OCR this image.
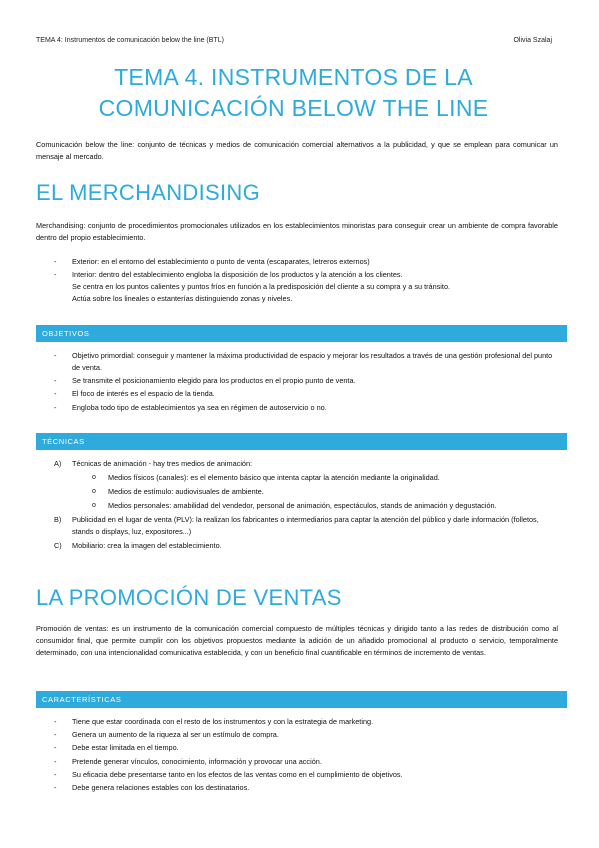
TEMA 4: Instrumentos de comunicación below the line (BTL)	Olivia Szalaj
TEMA 4. INSTRUMENTOS DE LA
COMUNICACIÓN BELOW THE LINE
Comunicación below the line: conjunto de técnicas y medios de comunicación comercial alternativos a la publicidad, y que se emplean para comunicar un mensaje al mercado.
EL MERCHANDISING
Merchandising: conjunto de procedimientos promocionales utilizados en los establecimientos minoristas para conseguir crear un ambiente de compra favorable dentro del propio establecimiento.
- Exterior: en el entorno del establecimiento o punto de venta (escaparates, letreros externos)
- Interior: dentro del establecimiento engloba la disposición de los productos y la atención a los clientes.
Se centra en los puntos calientes y puntos fríos en función a la predisposición del cliente a su compra y a su tránsito.
Actúa sobre los lineales o estanterías distinguiendo zonas y niveles.
OBJETIVOS
- Objetivo primordial: conseguir y mantener la máxima productividad de espacio y mejorar los resultados a través de una gestión profesional del punto de venta.
- Se transmite el posicionamiento elegido para los productos en el propio punto de venta.
- El foco de interés es el espacio de la tienda.
- Engloba todo tipo de establecimientos ya sea en régimen de autoservicio o no.
TÉCNICAS
A) Técnicas de animación - hay tres medios de animación:
o Medios físicos (canales): es el elemento básico que intenta captar la atención mediante la originalidad.
o Medios de estímulo: audiovisuales de ambiente.
o Medios personales: amabilidad del vendedor, personal de animación, espectáculos, stands de animación y degustación.
B) Publicidad en el lugar de venta (PLV): la realizan los fabricantes o intermediarios para captar la atención del público y darle información (folletos, stands o displays, luz, expositores...)
C) Mobiliario: crea la imagen del establecimiento.
LA PROMOCIÓN DE VENTAS
Promoción de ventas: es un instrumento de la comunicación comercial compuesto de múltiples técnicas y dirigido tanto a las redes de distribución como al consumidor final, que permite cumplir con los objetivos propuestos mediante la adición de un añadido promocional al producto o servicio, temporalmente determinado, con una intencionalidad comunicativa establecida, y con un beneficio final cuantificable en términos de incremento de ventas.
CARACTERÍSTICAS
- Tiene que estar coordinada con el resto de los instrumentos y con la estrategia de marketing.
- Genera un aumento de la riqueza al ser un estímulo de compra.
- Debe estar limitada en el tiempo.
- Pretende generar vínculos, conocimiento, información y provocar una acción.
- Su eficacia debe presentarse tanto en los efectos de las ventas como en el cumplimiento de objetivos.
- Debe genera relaciones estables con los destinatarios.
